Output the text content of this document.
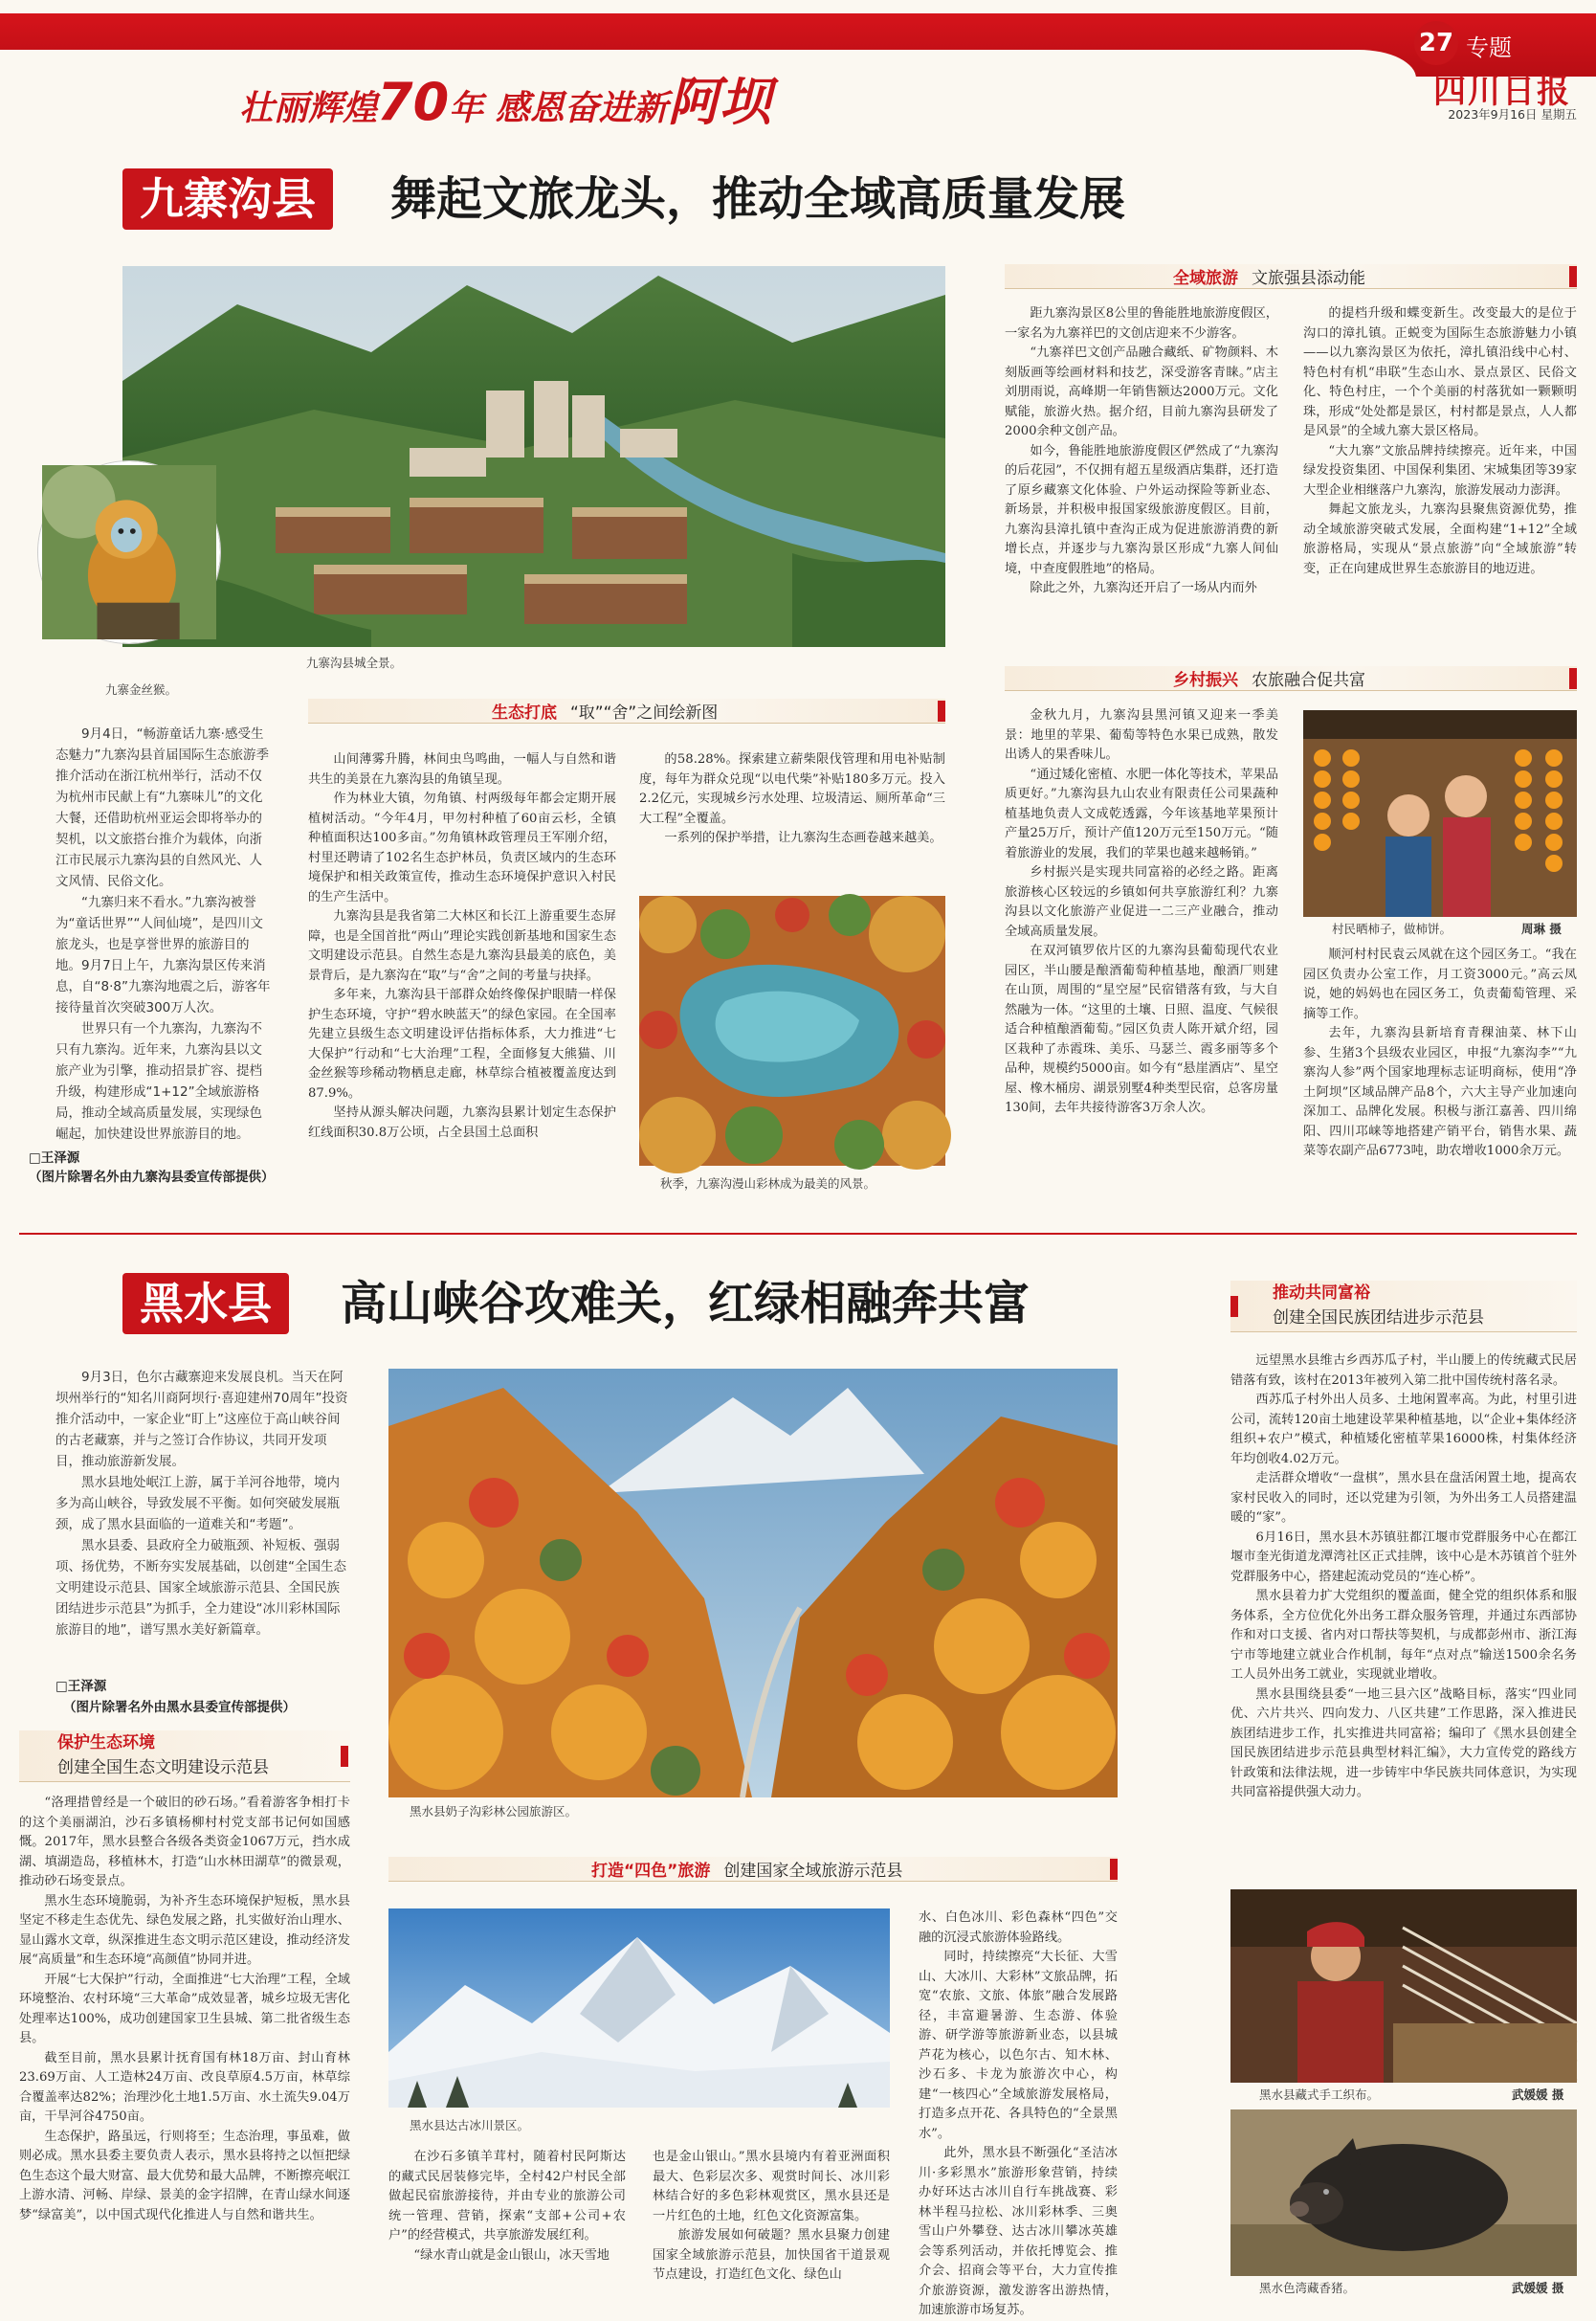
壮丽辉煌70年 感恩奋进新阿坝
27 专题
四川日报
2023年9月16日 星期五
九寨沟县	舞起文旅龙头，推动全域高质量发展
九寨沟县城全景。
九寨金丝猴。

9月4日，“畅游童话九寨·感受生态魅力”九寨沟县首届国际生态旅游季推介活动在浙江杭州举行，活动不仅为杭州市民献上有“九寨味儿”的文化大餐，还借助杭州亚运会即将举办的契机，以文旅搭台推介为载体，向浙江市民展示九寨沟县的自然风光、人文风情、民俗文化。

“九寨归来不看水。”九寨沟被誉为“童话世界”“人间仙境”，是四川文旅龙头，也是享誉世界的旅游目的地。9月7日上午，九寨沟景区传来消息，自“8·8”九寨沟地震之后，游客年接待量首次突破300万人次。

世界只有一个九寨沟，九寨沟不只有九寨沟。近年来，九寨沟县以文旅产业为引擎，推动招景扩容、提档升级，构建形成“1+12”全域旅游格局，推动全域高质量发展，实现绿色崛起，加快建设世界旅游目的地。

□王泽源
（图片除署名外由九寨沟县委宣传部提供）
全域旅游 文旅强县添动能

距九寨沟景区8公里的鲁能胜地旅游度假区，一家名为九寨祥巴的文创店迎来不少游客。

“九寨祥巴文创产品融合藏纸、矿物颜料、木刻版画等绘画材料和技艺，深受游客青睐。”店主刘朋雨说，高峰期一年销售额达2000万元。文化赋能，旅游火热。据介绍，目前九寨沟县研发了2000余种文创产品。

如今，鲁能胜地旅游度假区俨然成了“九寨沟的后花园”，不仅拥有超五星级酒店集群，还打造了原乡藏寨文化体验、户外运动探险等新业态、新场景，并积极申报国家级旅游度假区。目前，九寨沟县漳扎镇中查沟正成为促进旅游消费的新增长点，并逐步与九寨沟景区形成“九寨人间仙境，中查度假胜地”的格局。

除此之外，九寨沟还开启了一场从内而外

的提档升级和蝶变新生。改变最大的是位于沟口的漳扎镇。正蜕变为国际生态旅游魅力小镇——以九寨沟景区为依托，漳扎镇沿线中心村、特色村有机“串联”生态山水、景点景区、民俗文化、特色村庄，一个个美丽的村落犹如一颗颗明珠，形成“处处都是景区，村村都是景点，人人都是风景”的全域九寨大景区格局。

“大九寨”文旅品牌持续擦亮。近年来，中国绿发投资集团、中国保利集团、宋城集团等39家大型企业相继落户九寨沟，旅游发展动力澎湃。

舞起文旅龙头，九寨沟县聚焦资源优势，推动全域旅游突破式发展，全面构建“1+12”全域旅游格局，实现从“景点旅游”向“全域旅游”转变，正在向建成世界生态旅游目的地迈进。

生态打底 “取”“舍”之间绘新图

山间薄雾升腾，林间虫鸟鸣曲，一幅人与自然和谐共生的美景在九寨沟县的角镇呈现。

作为林业大镇，勿角镇、村两级每年都会定期开展植树活动。“今年4月，甲勿村种植了60亩云杉，全镇种植面积达100多亩。”勿角镇林政管理员王军刚介绍，村里还聘请了102名生态护林员，负责区域内的生态环境保护和相关政策宣传，推动生态环境保护意识入村民的生产生活中。

九寨沟县是我省第二大林区和长江上游重要生态屏障，也是全国首批“两山”理论实践创新基地和国家生态文明建设示范县。自然生态是九寨沟县最美的底色，美景背后，是九寨沟在“取”与“舍”之间的考量与抉择。

多年来，九寨沟县干部群众始终像保护眼睛一样保护生态环境，守护“碧水映蓝天”的绿色家园。在全国率先建立县级生态文明建设评估指标体系，大力推进“七大保护”行动和“七大治理”工程，全面修复大熊猫、川金丝猴等珍稀动物栖息走廊，林草综合植被覆盖度达到87.9%。

坚持从源头解决问题，九寨沟县累计划定生态保护红线面积30.8万公顷，占全县国土总面积

的58.28%。探索建立薪柴限伐管理和用电补贴制度，每年为群众兑现“以电代柴”补贴180多万元。投入2.2亿元，实现城乡污水处理、垃圾清运、厕所革命“三大工程”全覆盖。

一系列的保护举措，让九寨沟生态画卷越来越美。

秋季，九寨沟漫山彩林成为最美的风景。
乡村振兴 农旅融合促共富

金秋九月，九寨沟县黑河镇又迎来一季美景：地里的苹果、葡萄等特色水果已成熟，散发出诱人的果香味儿。

“通过矮化密植、水肥一体化等技术，苹果品质更好。”九寨沟县九山农业有限责任公司果蔬种植基地负责人文成乾透露，今年该基地苹果预计产量25万斤，预计产值120万元至150万元。“随着旅游业的发展，我们的苹果也越来越畅销。”

乡村振兴是实现共同富裕的必经之路。距离旅游核心区较远的乡镇如何共享旅游红利？九寨沟县以文化旅游产业促进一二三产业融合，推动全域高质量发展。

在双河镇罗依片区的九寨沟县葡萄现代农业园区，半山腰是酿酒葡萄种植基地，酿酒厂则建在山顶，周围的“星空屋”民宿错落有致，与大自然融为一体。“这里的土壤、日照、温度、气候很适合种植酿酒葡萄。”园区负责人陈开斌介绍，园区栽种了赤霞珠、美乐、马瑟兰、霞多丽等多个品种，规模约5000亩。如今有“悬崖酒店”、星空屋、橡木桶房、湖景别墅4种类型民宿，总客房量130间，去年共接待游客3万余人次。

村民晒柿子，做柿饼。	周琳 摄

顺河村村民袁云凤就在这个园区务工。“我在园区负责办公室工作，月工资3000元。”高云凤说，她的妈妈也在园区务工，负责葡萄管理、采摘等工作。

去年，九寨沟县新培育青稞油菜、林下山参、生猪3个县级农业园区，申报“九寨沟李”“九寨沟人参”两个国家地理标志证明商标，使用“净土阿坝”区域品牌产品8个，六大主导产业加速向深加工、品牌化发展。积极与浙江嘉善、四川绵阳、四川邛崃等地搭建产销平台，销售水果、蔬菜等农副产品6773吨，助农增收1000余万元。

黑水县	高山峡谷攻难关，红绿相融奔共富

9月3日，色尔古藏寨迎来发展良机。当天在阿坝州举行的“知名川商阿坝行·喜迎建州70周年”投资推介活动中，一家企业“盯上”这座位于高山峡谷间的古老藏寨，并与之签订合作协议，共同开发项目，推动旅游新发展。

黑水县地处岷江上游，属于羊河谷地带，境内多为高山峡谷，导致发展不平衡。如何突破发展瓶颈，成了黑水县面临的一道难关和“考题”。

黑水县委、县政府全力破瓶颈、补短板、强弱项、扬优势，不断夯实发展基础，以创建“全国生态文明建设示范县、国家全域旅游示范县、全国民族团结进步示范县”为抓手，全力建设“冰川彩林国际旅游目的地”，谱写黑水美好新篇章。

□王泽源
（图片除署名外由黑水县委宣传部提供）
黑水县奶子沟彩林公园旅游区。
保护生态环境
创建全国生态文明建设示范县

“洛理措曾经是一个破旧的砂石场。”看着游客争相打卡的这个美丽湖泊，沙石多镇杨柳村村党支部书记何如国感慨。2017年，黑水县整合各级各类资金1067万元，挡水成湖、填湖造岛，移植林木，打造“山水林田湖草”的微景观，推动砂石场变景点。

黑水生态环境脆弱，为补齐生态环境保护短板，黑水县坚定不移走生态优先、绿色发展之路，扎实做好治山理水、显山露水文章，纵深推进生态文明示范区建设，推动经济发展“高质量”和生态环境“高颜值”协同并进。

开展“七大保护”行动，全面推进“七大治理”工程，全域环境整治、农村环境“三大革命”成效显著，城乡垃圾无害化处理率达100%，成功创建国家卫生县城、第二批省级生态县。

截至目前，黑水县累计抚育国有林18万亩、封山育林23.69万亩、人工造林24万亩、改良草原4.5万亩，林草综合覆盖率达82%；治理沙化土地1.5万亩、水土流失9.04万亩，干旱河谷4750亩。

生态保护，路虽远，行则将至；生态治理，事虽难，做则必成。黑水县委主要负责人表示，黑水县将持之以恒把绿色生态这个最大财富、最大优势和最大品牌，不断擦亮岷江上游水清、河畅、岸绿、景美的金字招牌，在青山绿水间逐梦“绿富美”，以中国式现代化推进人与自然和谐共生。

打造“四色”旅游 创建国家全域旅游示范县
黑水县达古冰川景区。

在沙石多镇羊茸村，随着村民阿斯达的藏式民居装修完毕，全村42户村民全部做起民宿旅游接待，并由专业的旅游公司统一管理、营销，探索“支部+公司+农户”的经营模式，共享旅游发展红利。

“绿水青山就是金山银山，冰天雪地

也是金山银山。”黑水县境内有着亚洲面积最大、色彩层次多、观赏时间长、冰川彩林结合好的多色彩林观赏区，黑水县还是一片红色的土地，红色文化资源富集。

旅游发展如何破题？黑水县聚力创建国家全域旅游示范县，加快国省干道景观节点建设，打造红色文化、绿色山

水、白色冰川、彩色森林“四色”交融的沉浸式旅游体验路线。

同时，持续擦亮“大长征、大雪山、大冰川、大彩林”文旅品牌，拓宽“农旅、文旅、体旅”融合发展路径，丰富避暑游、生态游、体验游、研学游等旅游新业态，以县城芦花为核心，以色尔古、知木林、沙石多、卡龙为旅游次中心，构建“一核四心”全域旅游发展格局，打造多点开花、各具特色的“全景黑水”。

此外，黑水县不断强化“圣洁冰川·多彩黑水”旅游形象营销，持续办好环达古冰川自行车挑战赛、彩林半程马拉松、冰川彩林季、三奥雪山户外攀登、达古冰川攀冰英雄会等系列活动，并依托博览会、推介会、招商会等平台，大力宣传推介旅游资源，激发游客出游热情，加速旅游市场复苏。

推动共同富裕
创建全国民族团结进步示范县

远望黑水县维古乡西苏瓜子村，半山腰上的传统藏式民居错落有致，该村在2013年被列入第二批中国传统村落名录。

西苏瓜子村外出人员多、土地闲置率高。为此，村里引进公司，流转120亩土地建设苹果种植基地，以“企业+集体经济组织+农户”模式，种植矮化密植苹果16000株，村集体经济年均创收4.02万元。

走活群众增收“一盘棋”，黑水县在盘活闲置土地，提高农家村民收入的同时，还以党建为引领，为外出务工人员搭建温暖的“家”。

6月16日，黑水县木苏镇驻都江堰市党群服务中心在都江堰市奎光街道龙潭湾社区正式挂牌，该中心是木苏镇首个驻外党群服务中心，搭建起流动党员的“连心桥”。

黑水县着力扩大党组织的覆盖面，健全党的组织体系和服务体系，全方位优化外出务工群众服务管理，并通过东西部协作和对口支援、省内对口帮扶等契机，与成都彭州市、浙江海宁市等地建立就业合作机制，每年“点对点”输送1500余名务工人员外出务工就业，实现就业增收。

黑水县围绕县委“一地三县六区”战略目标，落实“四业同优、六片共兴、四向发力、八区共建”工作思路，深入推进民族团结进步工作，扎实推进共同富裕；编印了《黑水县创建全国民族团结进步示范县典型材料汇编》，大力宣传党的路线方针政策和法律法规，进一步铸牢中华民族共同体意识，为实现共同富裕提供强大动力。

黑水县藏式手工织布。	武媛媛 摄
黑水色湾藏香猪。	武媛媛 摄
